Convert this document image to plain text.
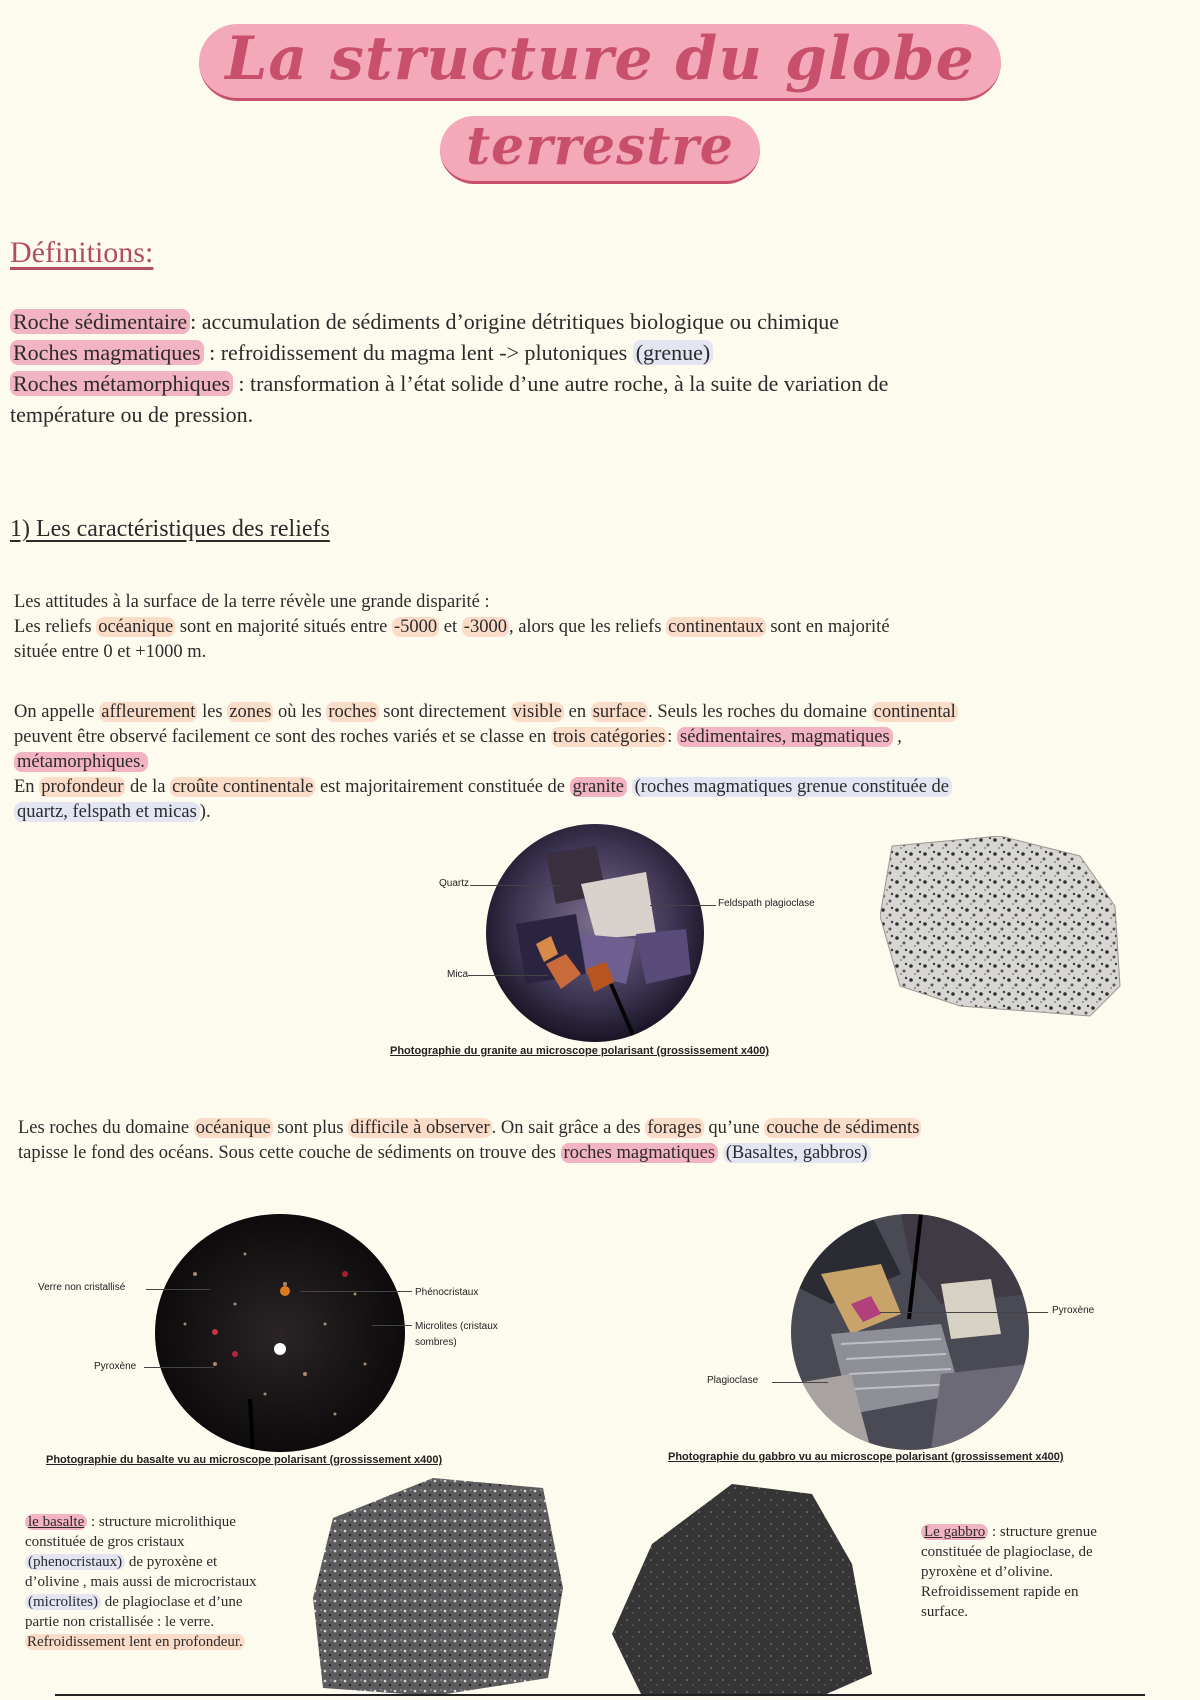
La structure du globe
terrestre
Définitions:
Roche sédimentaire : accumulation de sédiments d’origine détritiques biologique ou chimique
Roches magmatiques : refroidissement du magma lent -> plutoniques (grenue)
Roches métamorphiques : transformation à l’état solide d’une autre roche, à la suite de variation de
température ou de pression.
1) Les caractéristiques des reliefs
Les attitudes à la surface de la terre révèle une grande disparité :
Les reliefs océanique sont en majorité situés entre -5000 et -3000 , alors que les reliefs continentaux sont en majorité
située entre 0 et +1000 m.
On appelle affleurement les zones où les roches sont directement visible en surface . Seuls les roches du domaine continental
peuvent être observé facilement ce sont des roches variés et se classe en trois catégories : sédimentaires, magmatiques ,
métamorphiques.
En profondeur de la croûte continentale est majoritairement constituée de granite (roches magmatiques grenue constituée de
quartz, felspath et micas ).
Quartz
Feldspath plagioclase
Mica
Photographie du granite au microscope polarisant (grossissement x400)
Les roches du domaine océanique sont plus difficile à observer . On sait grâce a des forages qu’une couche de sédiments
tapisse le fond des océans. Sous cette couche de sédiments on trouve des roches magmatiques (Basaltes, gabbros)
Verre non cristallisé
Pyroxène
Phénocristaux
Microlites (cristaux sombres)
Photographie du basalte vu au microscope polarisant (grossissement x400)
Pyroxène
Plagioclase
Photographie du gabbro vu au microscope polarisant (grossissement x400)
le basalte : structure microlithique
constituée de gros cristaux
(phenocristaux) de pyroxène et
d’olivine , mais aussi de microcristaux
(microlites) de plagioclase et d’une
partie non cristallisée : le verre.
Refroidissement lent en profondeur.
Le gabbro : structure grenue
constituée de plagioclase, de
pyroxène et d’olivine.
Refroidissement rapide en
surface.
